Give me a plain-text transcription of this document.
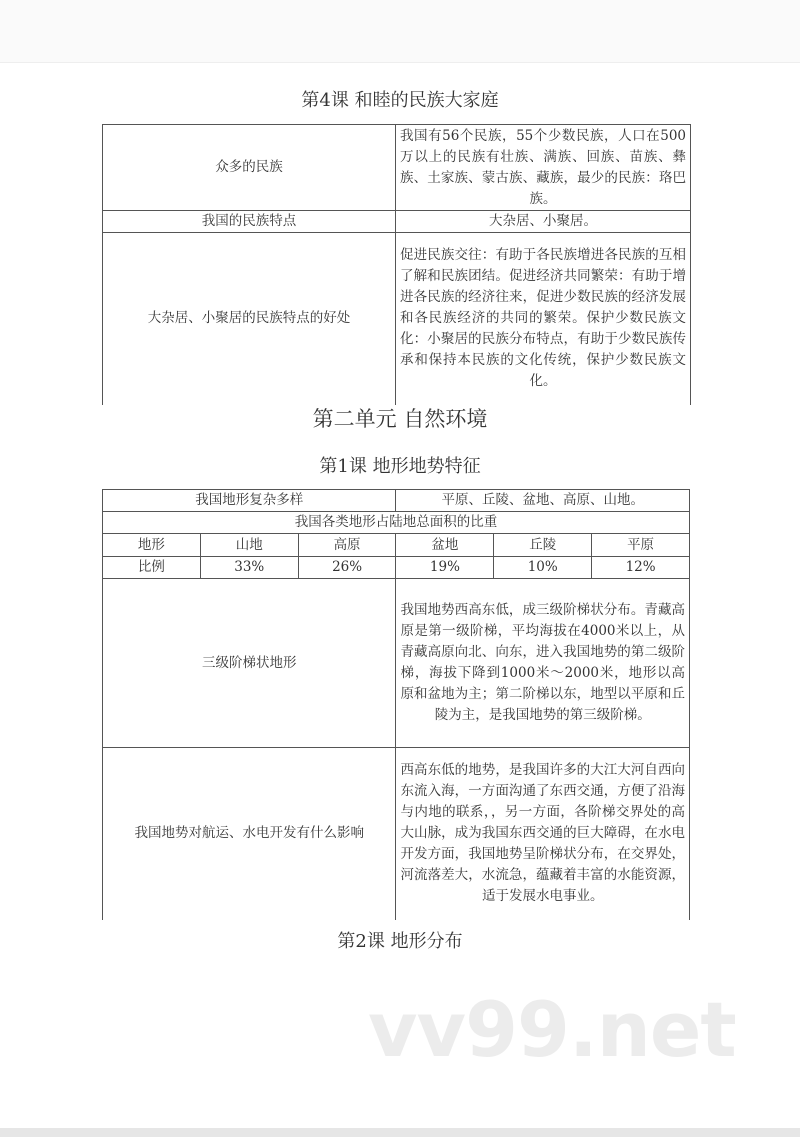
第4课 和睦的民族大家庭
众多的民族	我国有56个民族，55个少数民族，人口在500万以上的民族有壮族、满族、回族、苗族、彝族、土家族、蒙古族、藏族，最少的民族：珞巴族。
我国的民族特点	大杂居、小聚居。
大杂居、小聚居的民族特点的好处	促进民族交往：有助于各民族增进各民族的互相了解和民族团结。促进经济共同繁荣：有助于增进各民族的经济往来，促进少数民族的经济发展和各民族经济的共同的繁荣。保护少数民族文化：小聚居的民族分布特点，有助于少数民族传承和保持本民族的文化传统，保护少数民族文化。
第二单元 自然环境
第1课 地形地势特征
我国地形复杂多样			平原、丘陵、盆地、高原、山地。		
我国各类地形占陆地总面积的比重					
地形	山地	高原	盆地	丘陵	平原
比例	33%	26%	19%	10%	12%
三级阶梯状地形			我国地势西高东低，成三级阶梯状分布。青藏高原是第一级阶梯，平均海拔在4000米以上，从青藏高原向北、向东，进入我国地势的第二级阶梯，海拔下降到1000米～2000米，地形以高原和盆地为主；第二阶梯以东，地型以平原和丘陵为主，是我国地势的第三级阶梯。		
我国地势对航运、水电开发有什么影响			西高东低的地势，是我国许多的大江大河自西向东流入海，一方面沟通了东西交通，方便了沿海与内地的联系，，另一方面，各阶梯交界处的高大山脉，成为我国东西交通的巨大障碍，在水电开发方面，我国地势呈阶梯状分布，在交界处，河流落差大，水流急，蕴藏着丰富的水能资源，适于发展水电事业。		
第2课 地形分布
vv99.net
